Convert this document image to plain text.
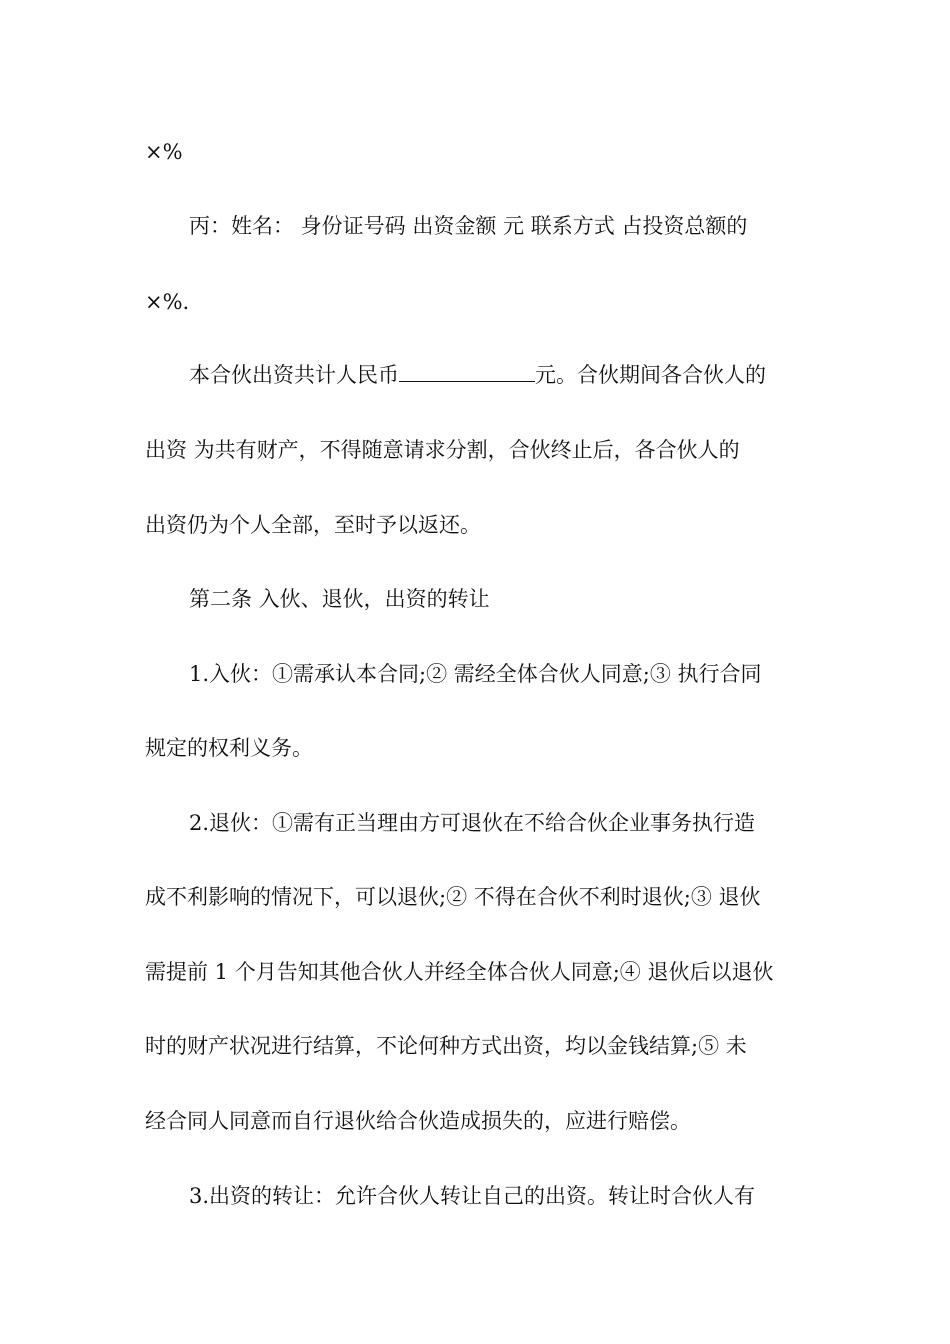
×%
丙：姓名： 身份证号码 出资金额 元 联系方式 占投资总额的
×%.
本合伙出资共计人民币	元。合伙期间各合伙人的
出资 为共有财产，不得随意请求分割，合伙终止后，各合伙人的
出资仍为个人全部，至时予以返还。
第二条 入伙、退伙，出资的转让
1.入伙：①需承认本合同;② 需经全体合伙人同意;③ 执行合同
规定的权利义务。
2.退伙：①需有正当理由方可退伙在不给合伙企业事务执行造
成不利影响的情况下，可以退伙;② 不得在合伙不利时退伙;③ 退伙
需提前 1 个月告知其他合伙人并经全体合伙人同意;④ 退伙后以退伙
时的财产状况进行结算，不论何种方式出资，均以金钱结算;⑤ 未
经合同人同意而自行退伙给合伙造成损失的，应进行赔偿。
3.出资的转让：允许合伙人转让自己的出资。转让时合伙人有
